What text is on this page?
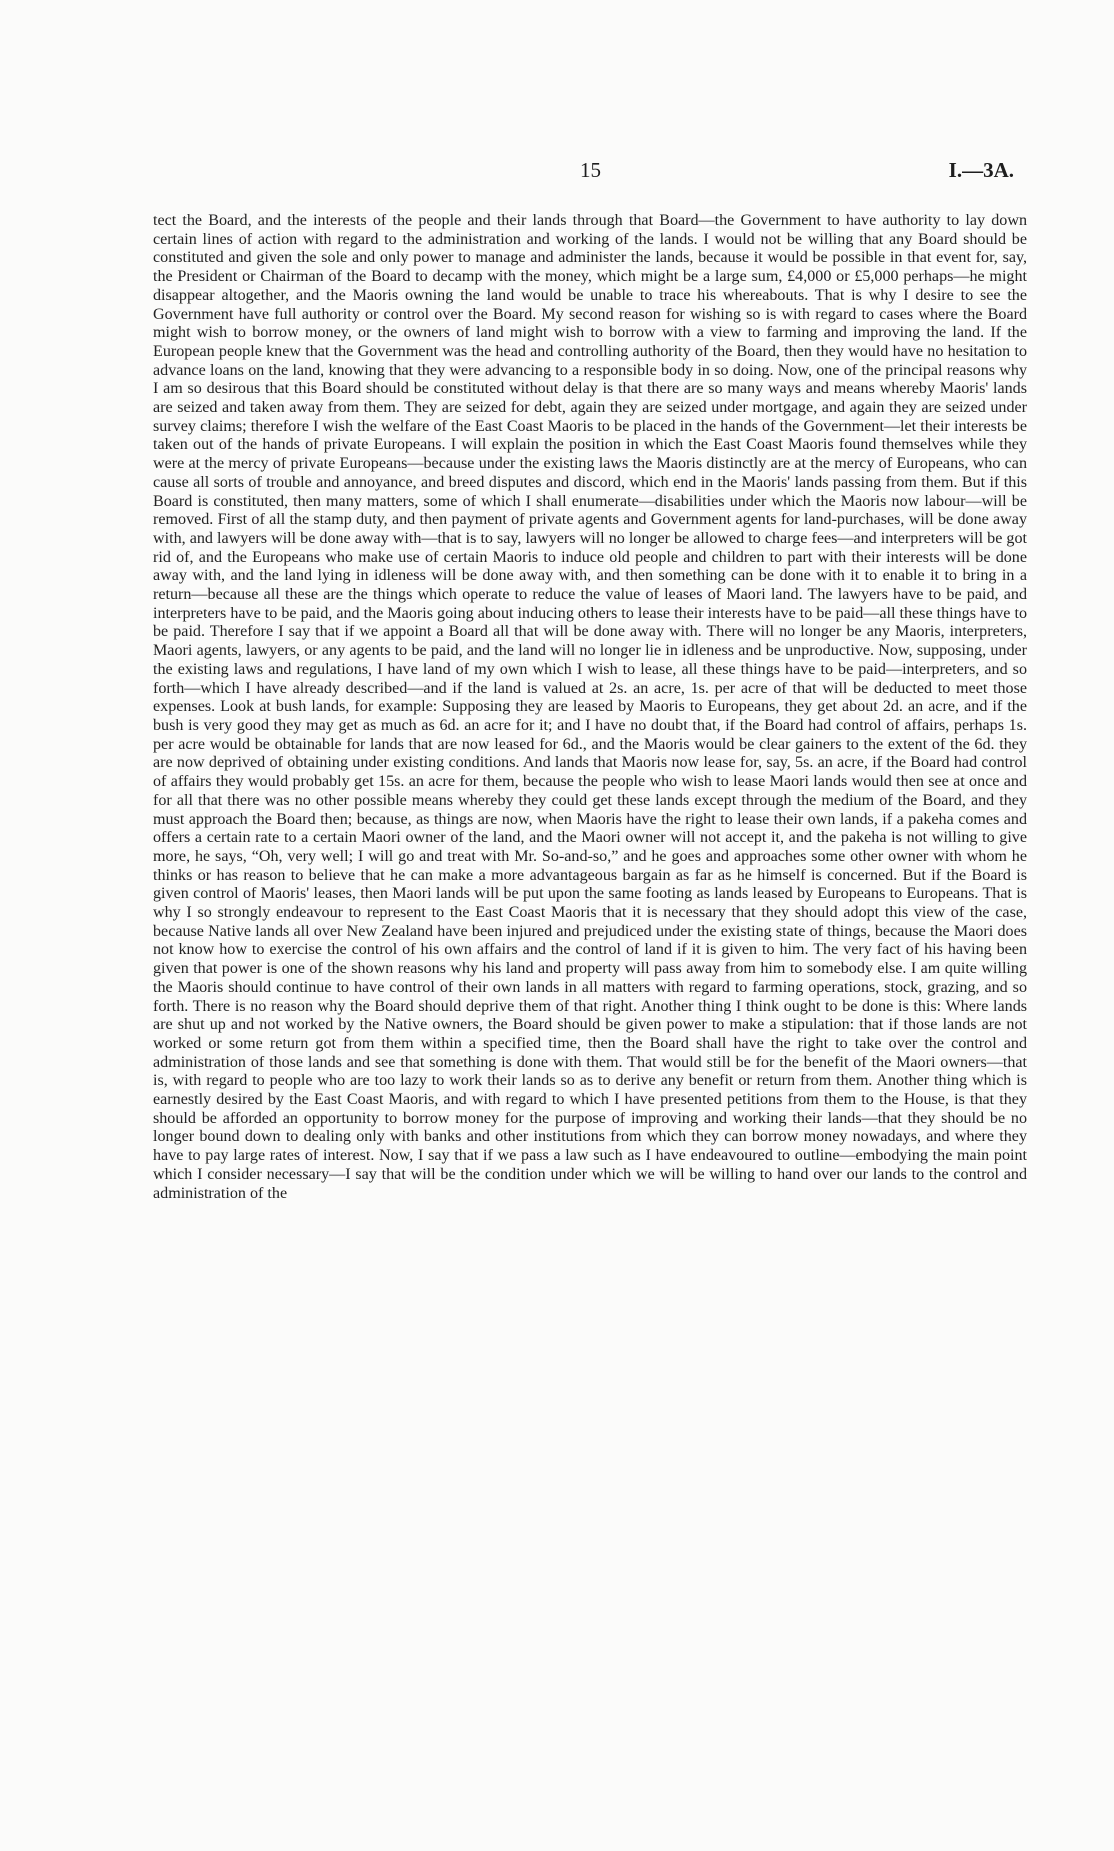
15	I.—3A.

tect the Board, and the interests of the people and their lands through that Board—the Government to have authority to lay down certain lines of action with regard to the administration and working of the lands. I would not be willing that any Board should be constituted and given the sole and only power to manage and administer the lands, because it would be possible in that event for, say, the President or Chairman of the Board to decamp with the money, which might be a large sum, £4,000 or £5,000 perhaps—he might disappear altogether, and the Maoris owning the land would be unable to trace his whereabouts. That is why I desire to see the Government have full authority or control over the Board. My second reason for wishing so is with regard to cases where the Board might wish to borrow money, or the owners of land might wish to borrow with a view to farming and improving the land. If the European people knew that the Government was the head and controlling authority of the Board, then they would have no hesitation to advance loans on the land, knowing that they were advancing to a responsible body in so doing. Now, one of the principal reasons why I am so desirous that this Board should be constituted without delay is that there are so many ways and means whereby Maoris' lands are seized and taken away from them. They are seized for debt, again they are seized under mortgage, and again they are seized under survey claims; therefore I wish the welfare of the East Coast Maoris to be placed in the hands of the Government—let their interests be taken out of the hands of private Europeans. I will explain the position in which the East Coast Maoris found themselves while they were at the mercy of private Europeans—because under the existing laws the Maoris distinctly are at the mercy of Europeans, who can cause all sorts of trouble and annoyance, and breed disputes and discord, which end in the Maoris' lands passing from them. But if this Board is constituted, then many matters, some of which I shall enumerate—disabilities under which the Maoris now labour—will be removed. First of all the stamp duty, and then payment of private agents and Government agents for land-purchases, will be done away with, and lawyers will be done away with—that is to say, lawyers will no longer be allowed to charge fees—and interpreters will be got rid of, and the Europeans who make use of certain Maoris to induce old people and children to part with their interests will be done away with, and the land lying in idleness will be done away with, and then something can be done with it to enable it to bring in a return—because all these are the things which operate to reduce the value of leases of Maori land. The lawyers have to be paid, and interpreters have to be paid, and the Maoris going about inducing others to lease their interests have to be paid—all these things have to be paid. Therefore I say that if we appoint a Board all that will be done away with. There will no longer be any Maoris, interpreters, Maori agents, lawyers, or any agents to be paid, and the land will no longer lie in idleness and be unproductive. Now, supposing, under the existing laws and regulations, I have land of my own which I wish to lease, all these things have to be paid—interpreters, and so forth—which I have already described—and if the land is valued at 2s. an acre, 1s. per acre of that will be deducted to meet those expenses. Look at bush lands, for example: Supposing they are leased by Maoris to Europeans, they get about 2d. an acre, and if the bush is very good they may get as much as 6d. an acre for it; and I have no doubt that, if the Board had control of affairs, perhaps 1s. per acre would be obtainable for lands that are now leased for 6d., and the Maoris would be clear gainers to the extent of the 6d. they are now deprived of obtaining under existing conditions. And lands that Maoris now lease for, say, 5s. an acre, if the Board had control of affairs they would probably get 15s. an acre for them, because the people who wish to lease Maori lands would then see at once and for all that there was no other possible means whereby they could get these lands except through the medium of the Board, and they must approach the Board then; because, as things are now, when Maoris have the right to lease their own lands, if a pakeha comes and offers a certain rate to a certain Maori owner of the land, and the Maori owner will not accept it, and the pakeha is not willing to give more, he says, “Oh, very well; I will go and treat with Mr. So-and-so,” and he goes and approaches some other owner with whom he thinks or has reason to believe that he can make a more advantageous bargain as far as he himself is concerned. But if the Board is given control of Maoris' leases, then Maori lands will be put upon the same footing as lands leased by Europeans to Europeans. That is why I so strongly endeavour to represent to the East Coast Maoris that it is necessary that they should adopt this view of the case, because Native lands all over New Zealand have been injured and prejudiced under the existing state of things, because the Maori does not know how to exercise the control of his own affairs and the control of land if it is given to him. The very fact of his having been given that power is one of the shown reasons why his land and property will pass away from him to somebody else. I am quite willing the Maoris should continue to have control of their own lands in all matters with regard to farming operations, stock, grazing, and so forth. There is no reason why the Board should deprive them of that right. Another thing I think ought to be done is this: Where lands are shut up and not worked by the Native owners, the Board should be given power to make a stipulation: that if those lands are not worked or some return got from them within a specified time, then the Board shall have the right to take over the control and administration of those lands and see that something is done with them. That would still be for the benefit of the Maori owners—that is, with regard to people who are too lazy to work their lands so as to derive any benefit or return from them. Another thing which is earnestly desired by the East Coast Maoris, and with regard to which I have presented petitions from them to the House, is that they should be afforded an opportunity to borrow money for the purpose of improving and working their lands—that they should be no longer bound down to dealing only with banks and other institutions from which they can borrow money nowadays, and where they have to pay large rates of interest. Now, I say that if we pass a law such as I have endeavoured to outline—embodying the main point which I consider necessary—I say that will be the condition under which we will be willing to hand over our lands to the control and administration of the
